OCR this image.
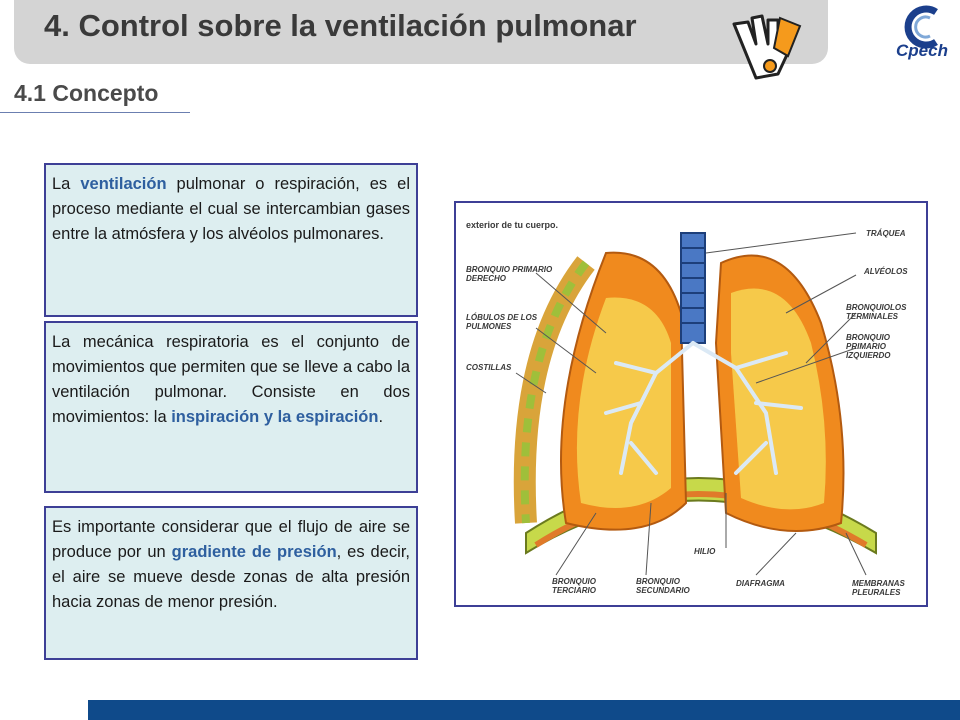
4. Control sobre la ventilación pulmonar
Cpech
4.1 Concepto
La ventilación pulmonar o respiración, es el proceso mediante el cual se intercambian gases entre la atmósfera y los alvéolos pulmonares.
La mecánica respiratoria es el conjunto de movimientos que permiten que se lleve a cabo la ventilación pulmonar. Consiste en dos movimientos: la inspiración y la espiración.
Es importante considerar que el flujo de aire se produce por un gradiente de presión, es decir, el aire se mueve desde zonas de alta presión hacia zonas de menor presión.
exterior de tu cuerpo.
BRONQUIO PRIMARIO DERECHO
LÓBULOS DE LOS PULMONES
COSTILLAS
TRÁQUEA
ALVÉOLOS
BRONQUIOLOS TERMINALES
BRONQUIO PRIMARIO IZQUIERDO
HILIO
BRONQUIO TERCIARIO
BRONQUIO SECUNDARIO
DIAFRAGMA	MEMBRANAS PLEURALES
